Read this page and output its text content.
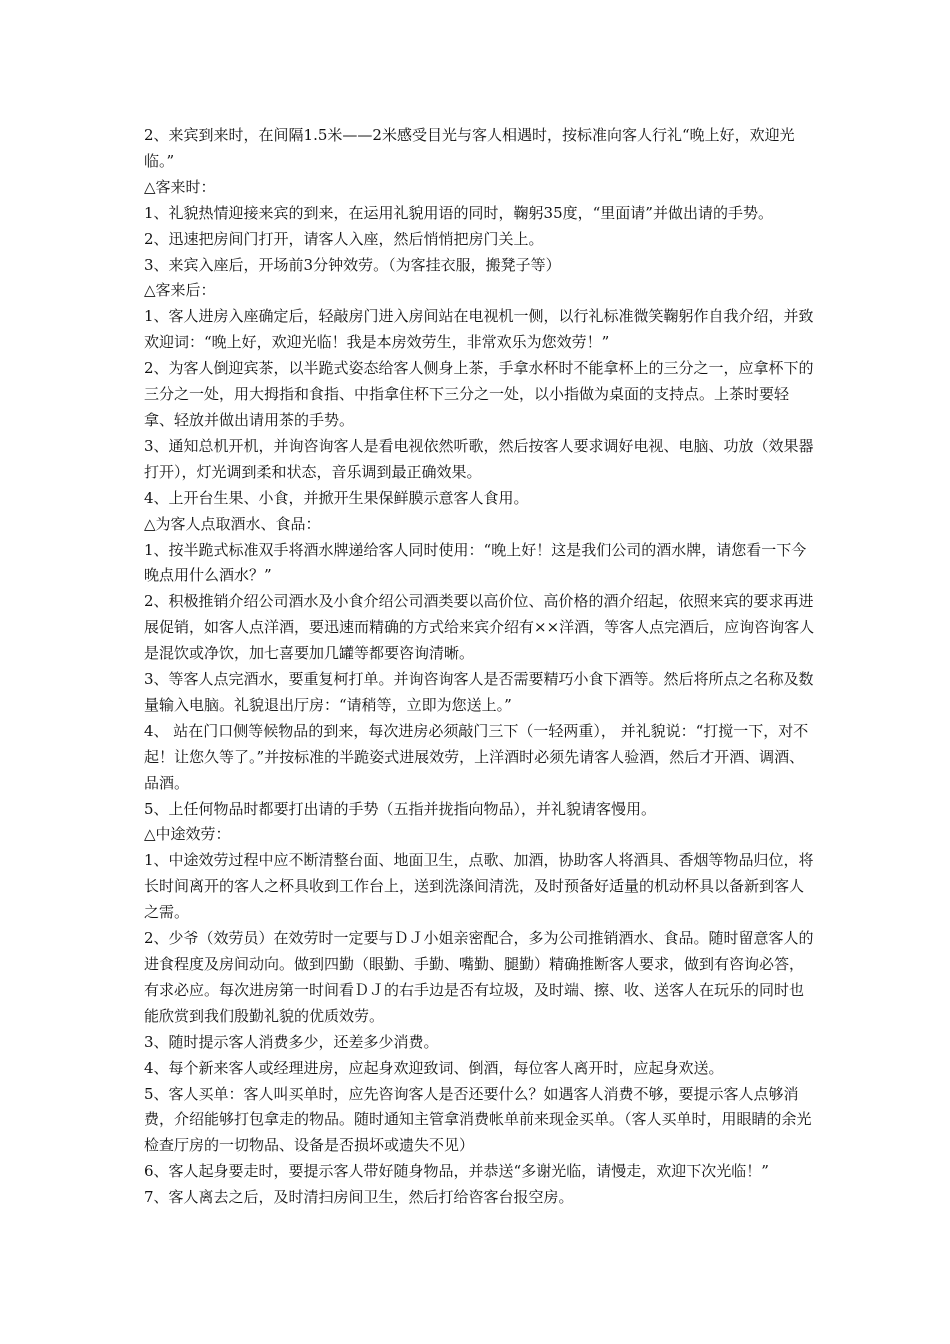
2、来宾到来时，在间隔1.5米——2米感受目光与客人相遇时，按标准向客人行礼“晚上好，欢迎光临。”

△客来时：

1、礼貌热情迎接来宾的到来，在运用礼貌用语的同时，鞠躬35度，“里面请”并做出请的手势。

2、迅速把房间门打开，请客人入座，然后悄悄把房门关上。

3、来宾入座后，开场前3分钟效劳。（为客挂衣服，搬凳子等）

△客来后：

1、客人进房入座确定后，轻敲房门进入房间站在电视机一侧，以行礼标准微笑鞠躬作自我介绍，并致欢迎词：“晚上好，欢迎光临！我是本房效劳生，非常欢乐为您效劳！”

2、为客人倒迎宾茶，以半跪式姿态给客人侧身上茶，手拿水杯时不能拿杯上的三分之一，应拿杯下的三分之一处，用大拇指和食指、中指拿住杯下三分之一处，以小指做为桌面的支持点。上茶时要轻拿、轻放并做出请用茶的手势。

3、通知总机开机，并询咨询客人是看电视依然听歌，然后按客人要求调好电视、电脑、功放（效果器打开），灯光调到柔和状态，音乐调到最正确效果。

4、上开台生果、小食，并掀开生果保鲜膜示意客人食用。

△为客人点取酒水、食品：

1、按半跪式标准双手将酒水牌递给客人同时使用：“晚上好！这是我们公司的酒水牌，请您看一下今晚点用什么酒水？”

2、积极推销介绍公司酒水及小食介绍公司酒类要以高价位、高价格的酒介绍起，依照来宾的要求再进展促销，如客人点洋酒，要迅速而精确的方式给来宾介绍有××洋酒，等客人点完酒后，应询咨询客人是混饮或净饮，加七喜要加几罐等都要咨询清晰。

3、等客人点完酒水，要重复柯打单。并询咨询客人是否需要精巧小食下酒等。然后将所点之名称及数量输入电脑。礼貌退出厅房：“请稍等，立即为您送上。”

4、 站在门口侧等候物品的到来，每次进房必须敲门三下（一轻两重）， 并礼貌说：“打搅一下，对不起！让您久等了。”并按标准的半跪姿式进展效劳，上洋酒时必须先请客人验酒，然后才开酒、调酒、品酒。

5、上任何物品时都要打出请的手势（五指并拢指向物品），并礼貌请客慢用。

△中途效劳：

1、中途效劳过程中应不断清整台面、地面卫生，点歌、加酒，协助客人将酒具、香烟等物品归位，将长时间离开的客人之杯具收到工作台上，送到洗涤间清洗，及时预备好适量的机动杯具以备新到客人之需。

2、少爷（效劳员）在效劳时一定要与ＤＪ小姐亲密配合，多为公司推销酒水、食品。随时留意客人的进食程度及房间动向。做到四勤（眼勤、手勤、嘴勤、腿勤）精确推断客人要求，做到有咨询必答，有求必应。每次进房第一时间看ＤＪ的右手边是否有垃圾，及时端、擦、收、送客人在玩乐的同时也能欣赏到我们殷勤礼貌的优质效劳。

3、随时提示客人消费多少，还差多少消费。

4、每个新来客人或经理进房，应起身欢迎致词、倒酒，每位客人离开时，应起身欢送。

5、客人买单：客人叫买单时，应先咨询客人是否还要什么？如遇客人消费不够，要提示客人点够消费，介绍能够打包拿走的物品。随时通知主管拿消费帐单前来现金买单。（客人买单时，用眼睛的余光检查厅房的一切物品、设备是否损坏或遗失不见）

6、客人起身要走时，要提示客人带好随身物品，并恭送“多谢光临，请慢走，欢迎下次光临！”

7、客人离去之后，及时清扫房间卫生，然后打给咨客台报空房。
